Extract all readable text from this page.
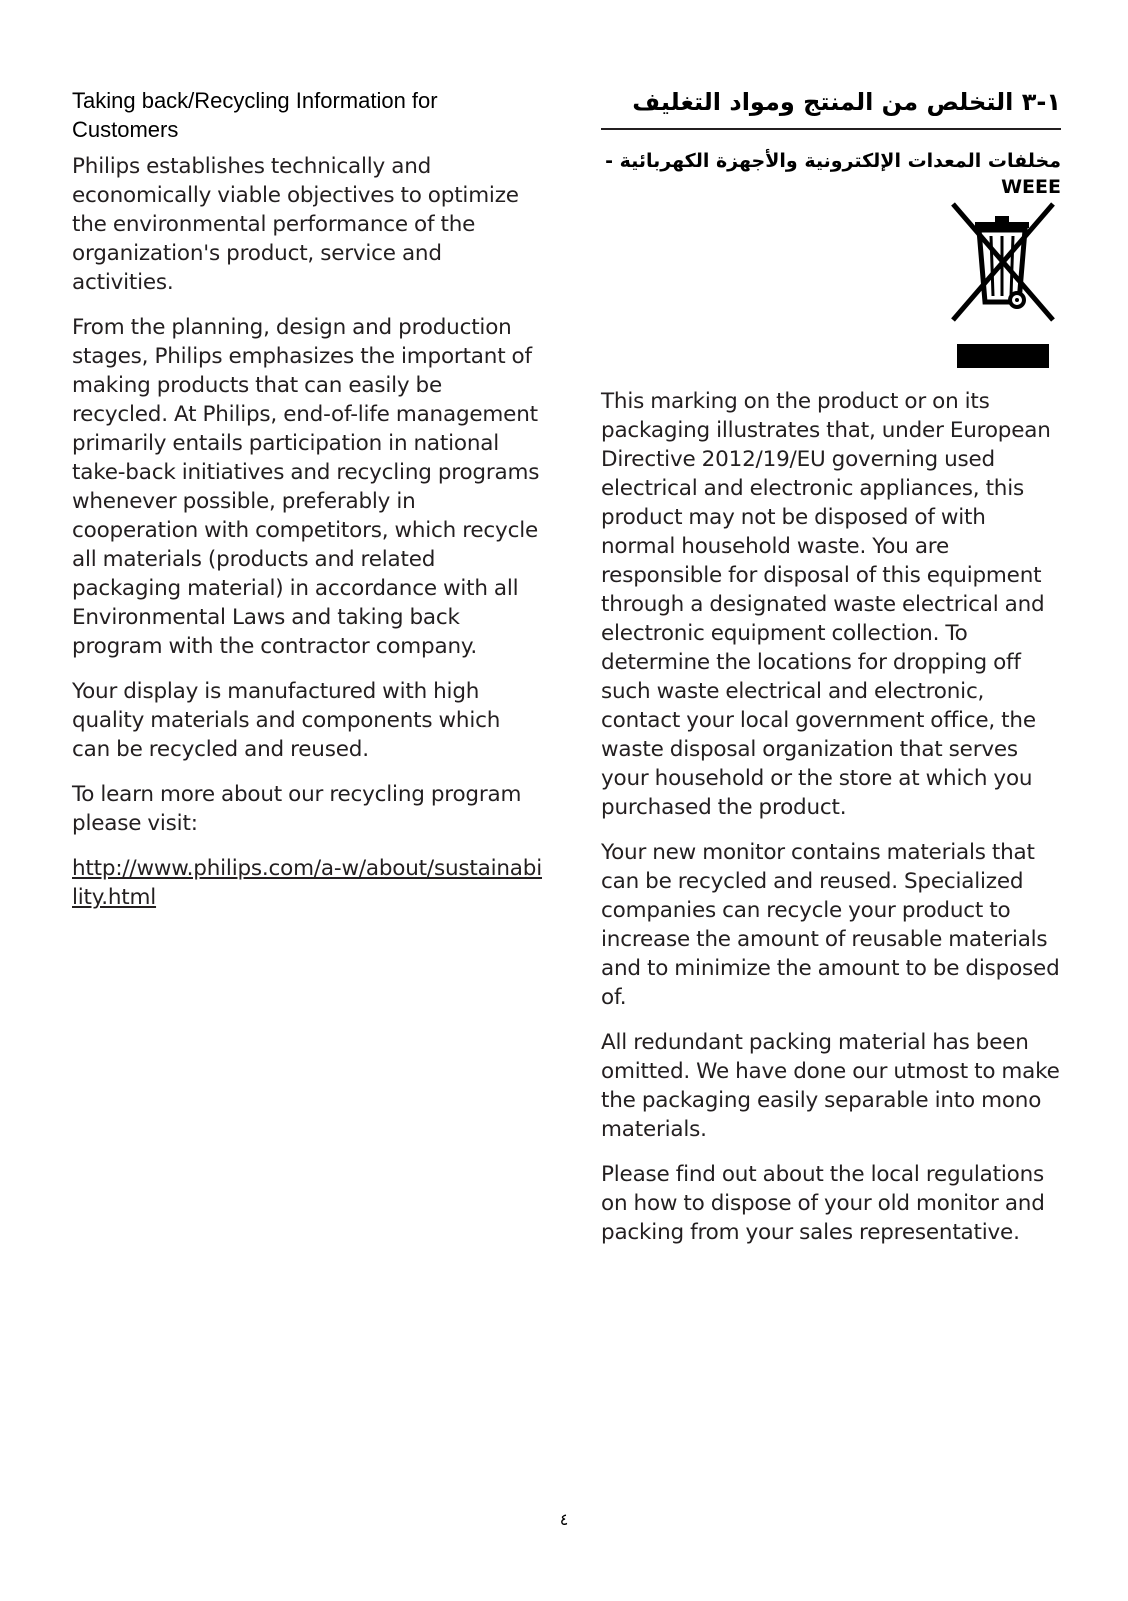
Taking back/Recycling Information for Customers

Philips establishes technically and economically viable objectives to optimize the environmental performance of the organization's product, service and activities.

From the planning, design and production stages, Philips emphasizes the important of making products that can easily be recycled. At Philips, end-of-life management primarily entails participation in national take-back initiatives and recycling programs whenever possible, preferably in cooperation with competitors, which recycle all materials (products and related packaging material) in accordance with all Environmental Laws and taking back program with the contractor company.

Your display is manufactured with high quality materials and components which can be recycled and reused.

To learn more about our recycling program please visit:

http://www.philips.com/a-w/about/sustainability.html

١-٣ التخلص من المنتج ومواد التغليف
مخلفات المعدات الإلكترونية والأجهزة الكهربائية - WEEE

This marking on the product or on its packaging illustrates that, under European Directive 2012/19/EU governing used electrical and electronic appliances, this product may not be disposed of with normal household waste. You are responsible for disposal of this equipment through a designated waste electrical and electronic equipment collection. To determine the locations for dropping off such waste electrical and electronic, contact your local government office, the waste disposal organization that serves your household or the store at which you purchased the product.

Your new monitor contains materials that can be recycled and reused. Specialized companies can recycle your product to increase the amount of reusable materials and to minimize the amount to be disposed of.

All redundant packing material has been omitted. We have done our utmost to make the packaging easily separable into mono materials.

Please find out about the local regulations on how to dispose of your old monitor and packing from your sales representative.

٤
